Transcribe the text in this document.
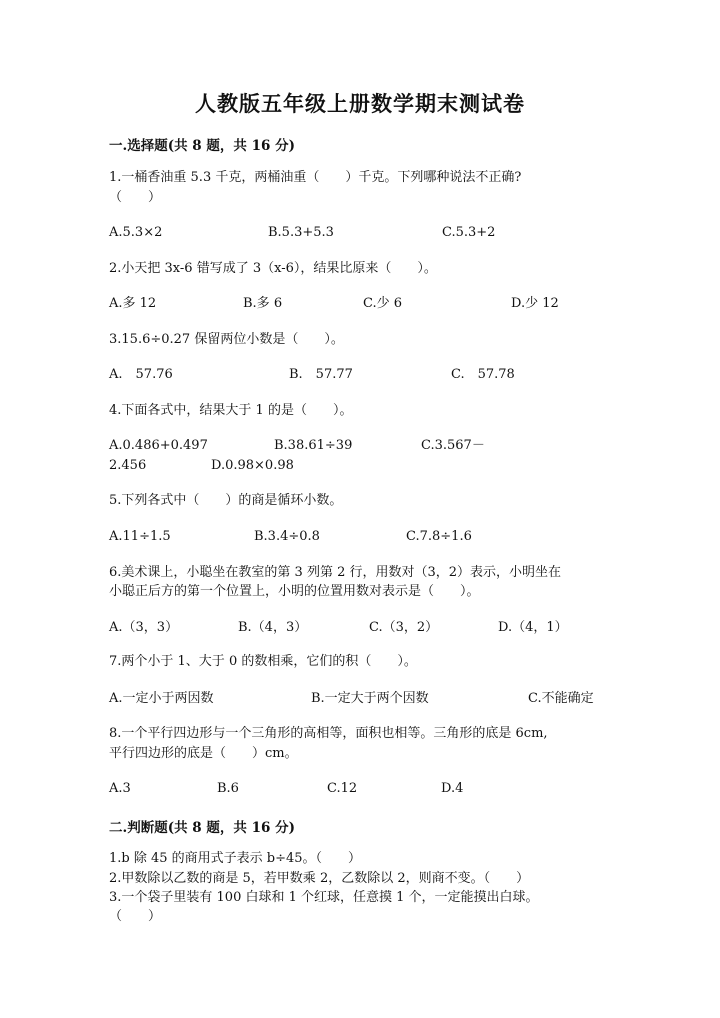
人教版五年级上册数学期末测试卷
一.选择题(共 8 题，共 16 分)
1.一桶香油重 5.3 千克，两桶油重（　　）千克。下列哪种说法不正确?
（　　）
A.5.3×2	B.5.3+5.3	C.5.3+2
2.小天把 3x-6 错写成了 3（x-6），结果比原来（　　）。
A.多 12	B.多 6	C.少 6	D.少 12
3.15.6÷0.27 保留两位小数是（　　）。
A.　57.76	B.　57.77	C.　57.78
4.下面各式中，结果大于 1 的是（　　）。
A.0.486+0.497	B.38.61÷39	C.3.567－
2.456	D.0.98×0.98
5.下列各式中（　　）的商是循环小数。
A.11÷1.5	B.3.4÷0.8	C.7.8÷1.6
6.美术课上，小聪坐在教室的第 3 列第 2 行，用数对（3，2）表示，小明坐在
小聪正后方的第一个位置上，小明的位置用数对表示是（　　）。
A.（3，3）	B.（4，3）	C.（3，2）	D.（4，1）
7.两个小于 1、大于 0 的数相乘，它们的积（　　）。
A.一定小于两因数	B.一定大于两个因数	C.不能确定
8.一个平行四边形与一个三角形的高相等，面积也相等。三角形的底是 6cm,
平行四边形的底是（　　）cm。
A.3	B.6	C.12	D.4
二.判断题(共 8 题，共 16 分)
1.b 除 45 的商用式子表示 b÷45。（　　）
2.甲数除以乙数的商是 5，若甲数乘 2，乙数除以 2，则商不变。（　　）
3.一个袋子里装有 100 白球和 1 个红球，任意摸 1 个，一定能摸出白球。
（　　）
